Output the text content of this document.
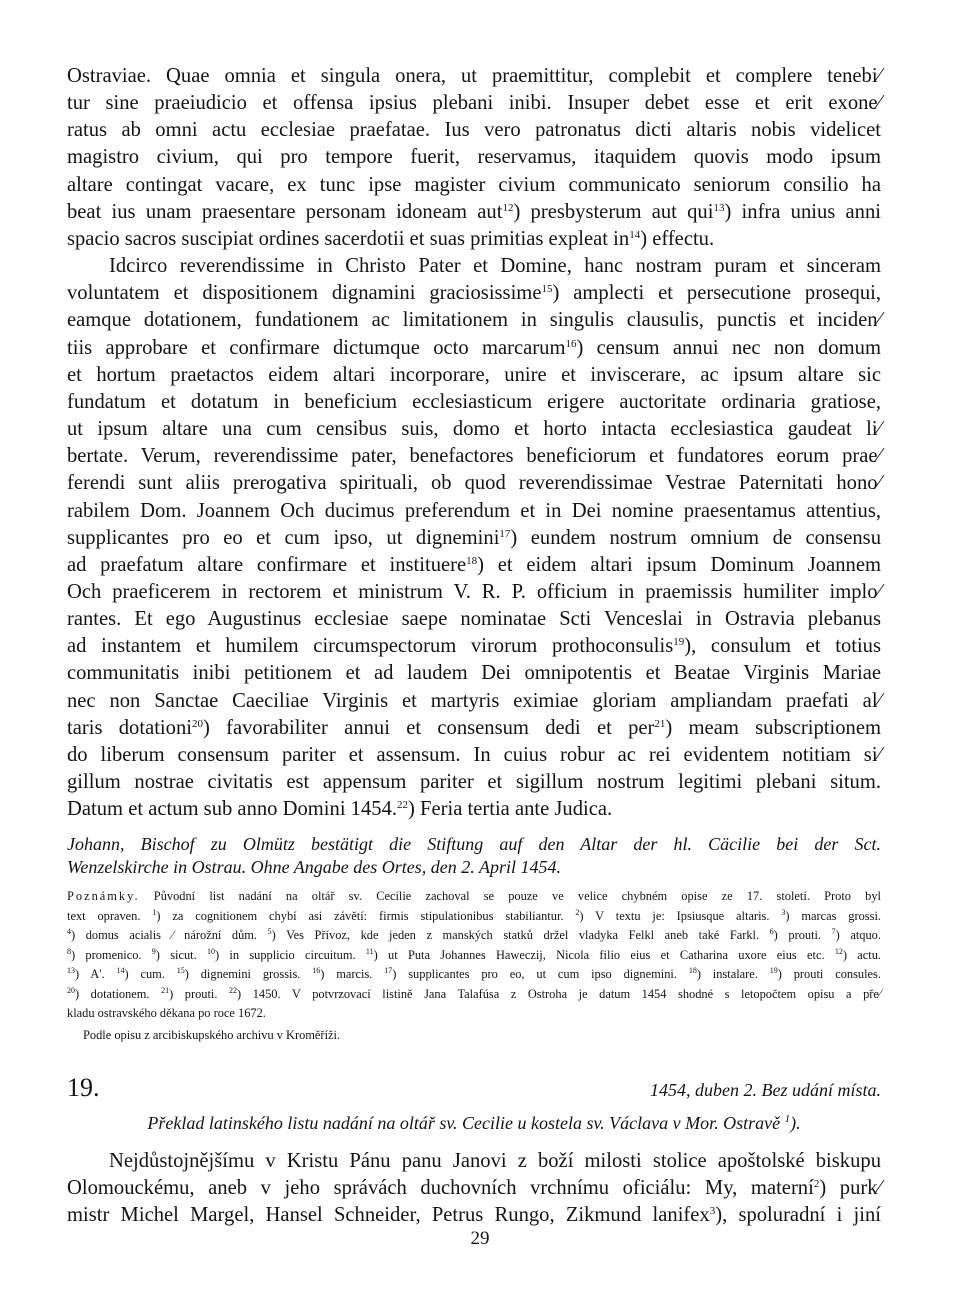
Ostraviae. Quae omnia et singula onera, ut praemittitur, complebit et complere tenebi⁄

tur sine praeiudicio et offensa ipsius plebani inibi. Insuper debet esse et erit exone⁄

ratus ab omni actu ecclesiae praefatae. Ius vero patronatus dicti altaris nobis videlicet

magistro civium, qui pro tempore fuerit, reservamus, itaquidem quovis modo ipsum

altare contingat vacare, ex tunc ipse magister civium communicato seniorum consilio ha

beat ius unam praesentare personam idoneam aut$^{12}$) presbysterum aut qui$^{13}$) infra unius anni

spacio sacros suscipiat ordines sacerdotii et suas primitias expleat $in^{14}$) effectu.

Idcirco reverendissime in Christo Pater et Domine, hanc nostram puram et sinceram

voluntatem et dispositionem dignamini graciosissime$^{15}$) amplecti et persecutione prosequi,

eamque dotationem, fundationem ac limitationem in singulis clausulis, punctis et inciden⁄

tiis approbare et confirmare dictumque octo marcarum$^{16}$) censum annui nec non domum

et hortum praetactos eidem altari incorporare, unire et inviscerare, ac ipsum altare sic

fundatum et dotatum in beneficium ecclesiasticum erigere auctoritate ordinaria gratiose,

ut ipsum altare una cum censibus suis, domo et horto intacta ecclesiastica gaudeat li⁄

bertate. Verum, reverendissime pater, benefactores beneficiorum et fundatores eorum prae⁄

ferendi sunt aliis prerogativa spirituali, ob quod reverendissimae Vestrae Paternitati hono⁄

rabilem Dom. Joannem Och ducimus preferendum et in Dei nomine praesentamus attentius,

supplicantes pro eo et cum ipso, ut dignemini$^{17}$) eundem nostrum omnium de consensu

ad praefatum altare confirmare et instituere$^{18}$) et eidem altari ipsum Dominum Joannem

Och praeficerem in rectorem et ministrum V. R. P. officium in praemissis humiliter implo⁄

rantes. Et ego Augustinus ecclesiae saepe nominatae Scti Venceslai in Ostravia plebanus

ad instantem et humilem circumspectorum virorum prothoconsulis$^{19}$), consulum et totius

communitatis inibi petitionem et ad laudem Dei omnipotentis et Beatae Virginis Mariae

nec non Sanctae Caeciliae Virginis et martyris eximiae gloriam ampliandam praefati al⁄

taris dotationi$^{20}$) favorabiliter annui et consensum dedi et per$^{21}$) meam subscriptionem

do liberum consensum pariter et assensum. In cuius robur ac rei evidentem notitiam si⁄

gillum nostrae civitatis est appensum pariter et sigillum nostrum legitimi plebani situm.

Datum et actum sub anno Domini 1454.22) Feria tertia ante Judica.

Johann, Bischof zu Olmütz bestätigt die Stiftung auf den Altar der hl. Cäcilie bei der Sct.

Wenzelskirche in Ostrau. Ohne Angabe des Ortes, den 2. April 1454.

Poznámky. Původní list nadání na oltář sv. Cecilie zachoval se pouze ve velice chybném opise ze 17. století. Proto byl

text opraven. $^1$) za cognitionem chybí asi závětí: firmis stipulationibus stabiliantur. $^2$) V textu je: Ipsiusque altaris. $^3$) marcas grossi.

$^4$) domus acialis ⁄ nárožní dům. $^5$) Ves Přívoz, kde jeden z manských statků držel vladyka Felkl aneb také Farkl. $^6$) prouti. $^7$) atquo.

$^8$) promenico. $^9$) sicut. $^{10}$) in supplicio circuitum. $^{11}$) ut Puta Johannes Haweczij, Nicola filio eius et Catharina uxore eius etc. $^{12}$) actu.

$^{13}$) A'. $^{14}$) cum. $^{15}$) dignemini grossis. $^{16}$) marcis. $^{17}$) supplicantes pro eo, ut cum ipso dignemini. $^{18}$) instalare. $^{19}$) prouti consules.

$^{20}$) dotationem. $^{21}$) prouti. $^{22}$) 1450. V potvrzovací listině Jana Talafúsa z Ostroha je datum 1454 shodné s letopočtem opisu a pře⁄

kladu ostravského děkana po roce 1672.

Podle opisu z arcibiskupského archivu v Kroměříži.

19.	1454, duben 2. Bez udání místa.

Překlad latinského listu nadání na oltář sv. Cecilie u kostela sv. Václava v Mor. Ostravě $^1$).

Nejdůstojnějšímu v Kristu Pánu panu Janovi z boží milosti stolice apoštolské biskupu

Olomouckému, aneb v jeho správách duchovních vrchnímu oficiálu: My, materní$^2$) purk⁄

mistr Michel Margel, Hansel Schneider, Petrus Rungo, Zikmund lanifex$^3$), spoluradní i jiní

29
